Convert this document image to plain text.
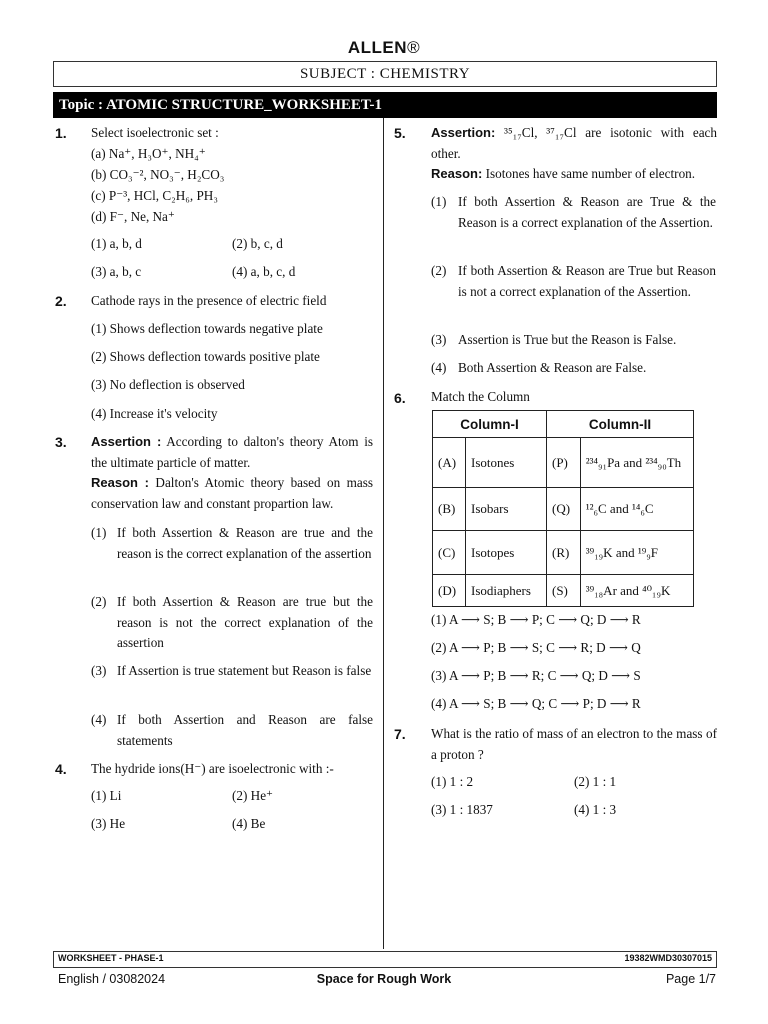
ALLEN®
SUBJECT : CHEMISTRY
Topic : ATOMIC STRUCTURE_WORKSHEET-1
1. Select isoelectronic set :
(a) Na⁺, H₃O⁺, NH₄⁺
(b) CO₃⁻², NO₃⁻, H₂CO₃
(c) P⁻³, HCl, C₂H₆, PH₃
(d) F⁻, Ne, Na⁺
(1) a, b, d	(2) b, c, d
(3) a, b, c	(4) a, b, c, d
2. Cathode rays in the presence of electric field
(1) Shows deflection towards negative plate
(2) Shows deflection towards positive plate
(3) No deflection is observed
(4) Increase it's velocity
3. Assertion : According to dalton's theory Atom is the ultimate particle of matter.
Reason : Dalton's Atomic theory based on mass conservation law and constant propartion law.
(1) If both Assertion & Reason are true and the reason is the correct explanation of the assertion
(2) If both Assertion & Reason are true but the reason is not the correct explanation of the assertion
(3) If Assertion is true statement but Reason is false
(4) If both Assertion and Reason are false statements
4. The hydride ions(H⁻) are isoelectronic with :-
(1) Li	(2) He⁺
(3) He	(4) Be
5. Assertion: ³⁵₁₇Cl, ³⁷₁₇Cl are isotonic with each other.
Reason: Isotones have same number of electron.
(1) If both Assertion & Reason are True & the Reason is a correct explanation of the Assertion.
(2) If both Assertion & Reason are True but Reason is not a correct explanation of the Assertion.
(3) Assertion is True but the Reason is False.
(4) Both Assertion & Reason are False.
6. Match the Column
Column-I		Column-II	
(A)	Isotones	(P)	²³⁴₉₁Pa and ²³⁴₉₀Th
(B)	Isobars	(Q)	¹²₆C and ¹⁴₆C
(C)	Isotopes	(R)	³⁹₁₉K and ¹⁹₉F
(D)	Isodiaphers	(S)	³⁹₁₈Ar and ⁴⁰₁₉K
(1) A ⟶ S; B ⟶ P; C ⟶ Q; D ⟶ R
(2) A ⟶ P; B ⟶ S; C ⟶ R; D ⟶ Q
(3) A ⟶ P; B ⟶ R; C ⟶ Q; D ⟶ S
(4) A ⟶ S; B ⟶ Q; C ⟶ P; D ⟶ R
7. What is the ratio of mass of an electron to the mass of a proton ?
(1) 1 : 2	(2) 1 : 1
(3) 1 : 1837	(4) 1 : 3
WORKSHEET - PHASE-1	19382WMD30307015
English / 03082024	Space for Rough Work	Page 1/7
